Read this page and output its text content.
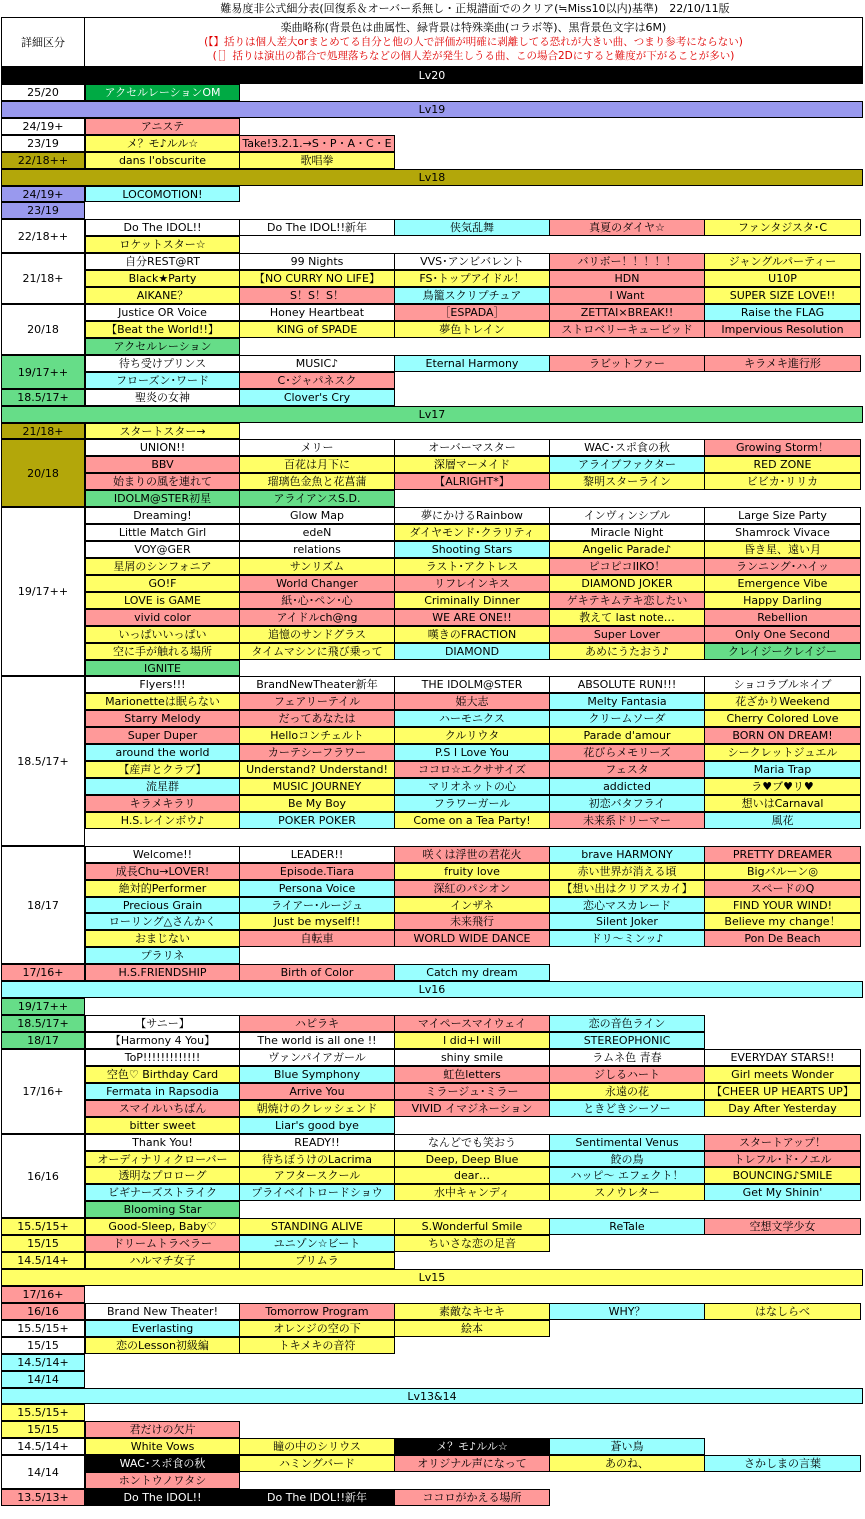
難易度非公式細分表(回復系＆オーバー系無し・正規譜面でのクリア(≒Miss10以内)基準)　22/10/11版
詳細区分
楽曲略称(背景色は曲属性、緑背景は特殊楽曲(コラボ等)、黒背景色文字は6M)
(【】括りは個人差大orまとめてる自分と他の人で評価が明確に剥離してる恐れが大きい曲、つまり参考にならない)
(［］括りは演出の都合で処理落ちなどの個人差が発生しうる曲、この場合2Dにすると難度が下がることが多い)
Lv20
25/20	アクセルレーションOM
Lv19
24/19+	アニステ
23/19	メ？モ♪ルル☆	Take!3.2.1.→S・P・A・C・E
22/18++	dans l'obscurite	歌唱拳
Lv18
24/19+	LOCOMOTION!
23/19
22/18++
Do The IDOL!!	Do The IDOL!!新年	侠気乱舞	真夏のダイヤ☆	ファンタジスタ･C
ロケットスター☆
21/18+
自分REST@RT	99 Nights	VVS･アンビバレント	バリボー！！！！！	ジャングルパーティー
Black★Party	【NO CURRY NO LIFE】	FS･トップアイドル！	HDN	U10P
AIKANE？	S！S！S！	鳥籠スクリプチュア	I Want	SUPER SIZE LOVE!!
20/18
Justice OR Voice	Honey Heartbeat	［ESPADA］	ZETTAI×BREAK!!	Raise the FLAG
【Beat the World!!】	KING of SPADE	夢色トレイン	ストロベリーキュービッド	Impervious Resolution
アクセルレーション
19/17++
待ち受けプリンス	MUSIC♪	Eternal Harmony	ラビットファー	キラメキ進行形
フローズン･ワード	C･ジャパネスク
18.5/17+	聖炎の女神	Clover's Cry
Lv17
21/18+	スタートスター→
20/18
UNION!!	メリー	オーバーマスター	WAC･スポ食の秋	Growing Storm！
BBV	百花は月下に	深層マーメイド	アライブファクター	RED ZONE
始まりの風を連れて	瑠璃色金魚と花菖蒲	【ALRIGHT*】	黎明スターライン	ビビカ･リリカ
IDOLM@STER初星	アライアンスS.D.
19/17++
Dreaming!	Glow Map	夢にかけるRainbow	インヴィンシブル	Large Size Party
Little Match Girl	edeN	ダイヤモンド･クラリティ	Miracle Night	Shamrock Vivace
VOY@GER	relations	Shooting Stars	Angelic Parade♪	昏き星、遠い月
星屑のシンフォニア	サンリズム	ラスト･アクトレス	ピコピコIIKO！	ランニング･ハイッ
GO!F	World Changer	リフレインキス	DIAMOND JOKER	Emergence Vibe
LOVE is GAME	紙･心･ペン･心	Criminally Dinner	ゲキテキムテキ恋したい	Happy Darling
vivid color	アイドルch@ng	WE ARE ONE!!	教えて last note…	Rebellion
いっぱいいっぱい	追憶のサンドグラス	嘆きのFRACTION	Super Lover	Only One Second
空に手が触れる場所	タイムマシンに飛び乗って	DIAMOND	あめにうたおう♪	クレイジークレイジー
IGNITE
18.5/17+
Flyers!!!	BrandNewTheater新年	THE IDOLM@STER	ABSOLUTE RUN!!!	ショコラブル＊イブ
Marionetteは眠らない	フェアリーテイル	姫大志	Melty Fantasia	花ざかりWeekend
Starry Melody	だってあなたは	ハーモニクス	クリームソーダ	Cherry Colored Love
Super Duper	Helloコンチェルト	クルリウタ	Parade d'amour	BORN ON DREAM!
around the world	カーテシーフラワー	P.S I Love You	花びらメモリーズ	シークレットジュエル
【産声とクラブ】	Understand? Understand!	ココロ☆エクササイズ	フェスタ	Maria Trap
流星群	MUSIC JOURNEY	マリオネットの心	addicted	ラ♥ブ♥リ♥
キラメキラリ	Be My Boy	フラワーガール	初恋バタフライ	想いはCarnaval
H.S.レインボウ♪	POKER POKER	Come on a Tea Party!	未来系ドリーマー	風花
18/17
Welcome!!	LEADER!!	咲くは浮世の君花火	brave HARMONY	PRETTY DREAMER
成長Chu→LOVER!	Episode.Tiara	fruity love	赤い世界が消える頃	Bigバルーン◎
絶対的Performer	Persona Voice	深紅のパシオン	【想い出はクリアスカイ】	スペードのQ
Precious Grain	ライアー･ルージュ	インザネ	恋心マスカレード	FIND YOUR WIND!
ローリング△さんかく	Just be myself!!	未来飛行	Silent Joker	Believe my change！
おまじない	自転車	WORLD WIDE DANCE	ドリ～ミンッ♪	Pon De Beach
プラリネ
17/16+	H.S.FRIENDSHIP	Birth of Color	Catch my dream
Lv16
19/17++
18.5/17+	【サニー】	ハピラキ	マイペースマイウェイ	恋の音色ライン
18/17	【Harmony 4 You】	The world is all one !!	I did+I will	STEREOPHONIC
17/16+
ToP!!!!!!!!!!!!!	ヴァンパイアガール	shiny smile	ラムネ色 青春	EVERYDAY STARS!!
空色♡ Birthday Card	Blue Symphony	虹色letters	ジしるハート	Girl meets Wonder
Fermata in Rapsodia	Arrive You	ミラージュ･ミラー	永遠の花	【CHEER UP HEARTS UP】
スマイルいちばん	朝焼けのクレッシェンド	VIVID イマジネーション	ときどきシーソー	Day After Yesterday
bitter sweet	Liar's good bye
16/16
Thank You!	READY!!	なんどでも笑おう	Sentimental Venus	スタートアップ！
オーディナリィクローバー	待ちぼうけのLacrima	Deep, Deep Blue	餃の鳥	トレフル･ド･ノエル
透明なプロローグ	アフタースクール	dear…	ハッピ～ エフェクト！	BOUNCING♪SMILE
ビギナーズストライク	プライベイトロードショウ	水中キャンディ	スノウレター	Get My Shinin'
Blooming Star
15.5/15+	Good-Sleep, Baby♡	STANDING ALIVE	S.Wonderful Smile	ReTale	空想文学少女
15/15	ドリームトラベラー	ユニゾン☆ビート	ちいさな恋の足音
14.5/14+	ハルマチ女子	プリムラ
Lv15
17/16+
16/16	Brand New Theater!	Tomorrow Program	素敵なキセキ	WHY？	はなしらべ
15.5/15+	Everlasting	オレンジの空の下	絵本
15/15	恋のLesson初級編	トキメキの音符
14.5/14+
14/14
Lv13&14
15.5/15+
15/15	君だけの欠片
14.5/14+	White Vows	瞳の中のシリウス	メ？モ♪ルル☆	蒼い鳥
14/14
WAC･スポ食の秋	ハミングバード	オリジナル声になって	あのね、	さかしまの言葉
ホントウノワタシ
13.5/13+	Do The IDOL!!	Do The IDOL!!新年	ココロがかえる場所
